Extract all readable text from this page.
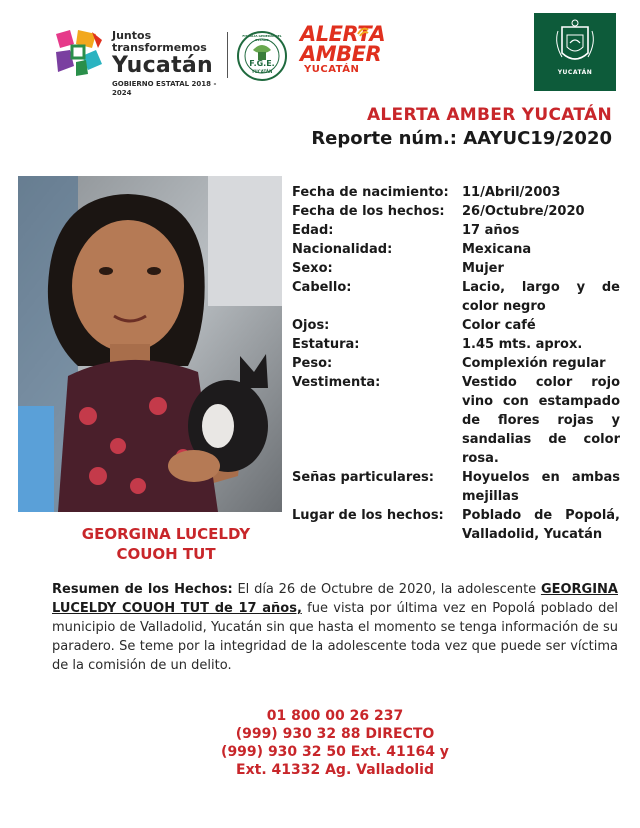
Juntos transformemos
Yucatán
GOBIERNO ESTATAL 2018 - 2024
F.G.E.
YUCATÁN
FISCALÍA GENERAL DEL ESTADO	ALERTA
AMBER
YUCATÁN	YUCATÁN
ALERTA AMBER YUCATÁN
Reporte núm.: AAYUC19/2020
GEORGINA LUCELDY
COUOH TUT
Fecha de nacimiento:	11/Abril/2003
Fecha de los hechos:	26/Octubre/2020
Edad:	17 años
Nacionalidad:	Mexicana
Sexo:	Mujer
Cabello:	Lacio, largo y de color negro
Ojos:	Color café
Estatura:	1.45 mts. aprox.
Peso:	Complexión regular
Vestimenta:	Vestido color rojo vino con estampado de flores rojas y sandalias de color rosa.
Señas particulares:	Hoyuelos en ambas mejillas
Lugar de los hechos:	Poblado de Popolá, Valladolid, Yucatán
Resumen de los Hechos: El día 26 de Octubre de 2020, la adolescente GEORGINA LUCELDY COUOH TUT de 17 años, fue vista por última vez en Popolá poblado del municipio de Valladolid, Yucatán sin que hasta el momento se tenga información de su paradero. Se teme por la integridad de la adolescente toda vez que puede ser víctima de la comisión de un delito.
01 800 00 26 237
(999) 930 32 88 DIRECTO
(999) 930 32 50 Ext. 41164 y
Ext. 41332 Ag. Valladolid
